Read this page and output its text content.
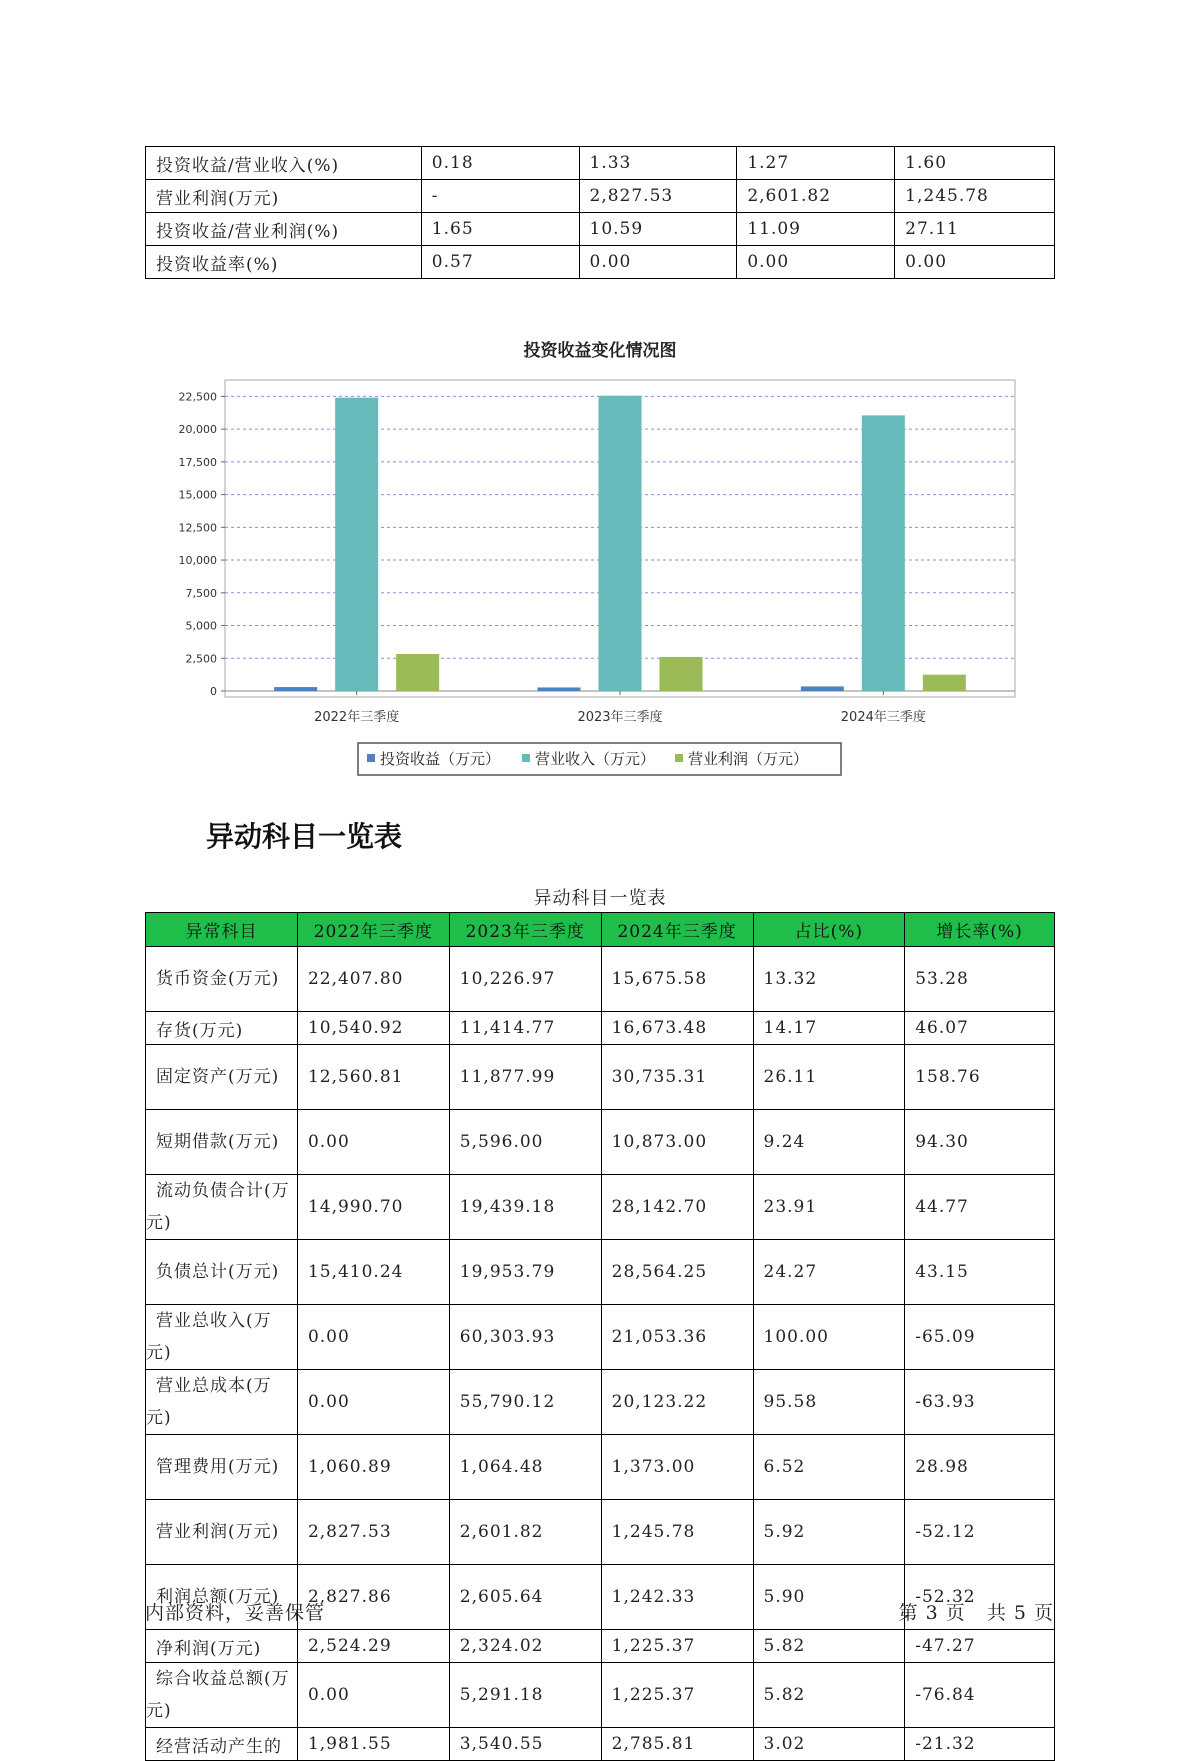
投资收益/营业收入(%)	0.18	1.33	1.27	1.60
营业利润(万元)	-	2,827.53	2,601.82	1,245.78
投资收益/营业利润(%)	1.65	10.59	11.09	27.11
投资收益率(%)	0.57	0.00	0.00	0.00
投资收益变化情况图
0
2,500
5,000
7,500
10,000
12,500
15,000
17,500
20,000
22,500
2022年三季度	2023年三季度	2024年三季度
投资收益（万元） 营业收入（万元） 营业利润（万元）
异动科目一览表
异动科目一览表
异常科目	2022年三季度	2023年三季度	2024年三季度	占比(%)	增长率(%)
货币资金(万元)	22,407.80	10,226.97	15,675.58	13.32	53.28
存货(万元)	10,540.92	11,414.77	16,673.48	14.17	46.07
固定资产(万元)	12,560.81	11,877.99	30,735.31	26.11	158.76
短期借款(万元)	0.00	5,596.00	10,873.00	9.24	94.30
流动负债合计(万元)	14,990.70	19,439.18	28,142.70	23.91	44.77
负债总计(万元)	15,410.24	19,953.79	28,564.25	24.27	43.15
营业总收入(万元)	0.00	60,303.93	21,053.36	100.00	-65.09
营业总成本(万元)	0.00	55,790.12	20,123.22	95.58	-63.93
管理费用(万元)	1,060.89	1,064.48	1,373.00	6.52	28.98
营业利润(万元)	2,827.53	2,601.82	1,245.78	5.92	-52.12
利润总额(万元)	2,827.86	2,605.64	1,242.33	5.90	-52.32
净利润(万元)	2,524.29	2,324.02	1,225.37	5.82	-47.27
综合收益总额(万元)	0.00	5,291.18	1,225.37	5.82	-76.84
经营活动产生的	1,981.55	3,540.55	2,785.81	3.02	-21.32
内部资料，妥善保管	第 3 页   共 5 页
